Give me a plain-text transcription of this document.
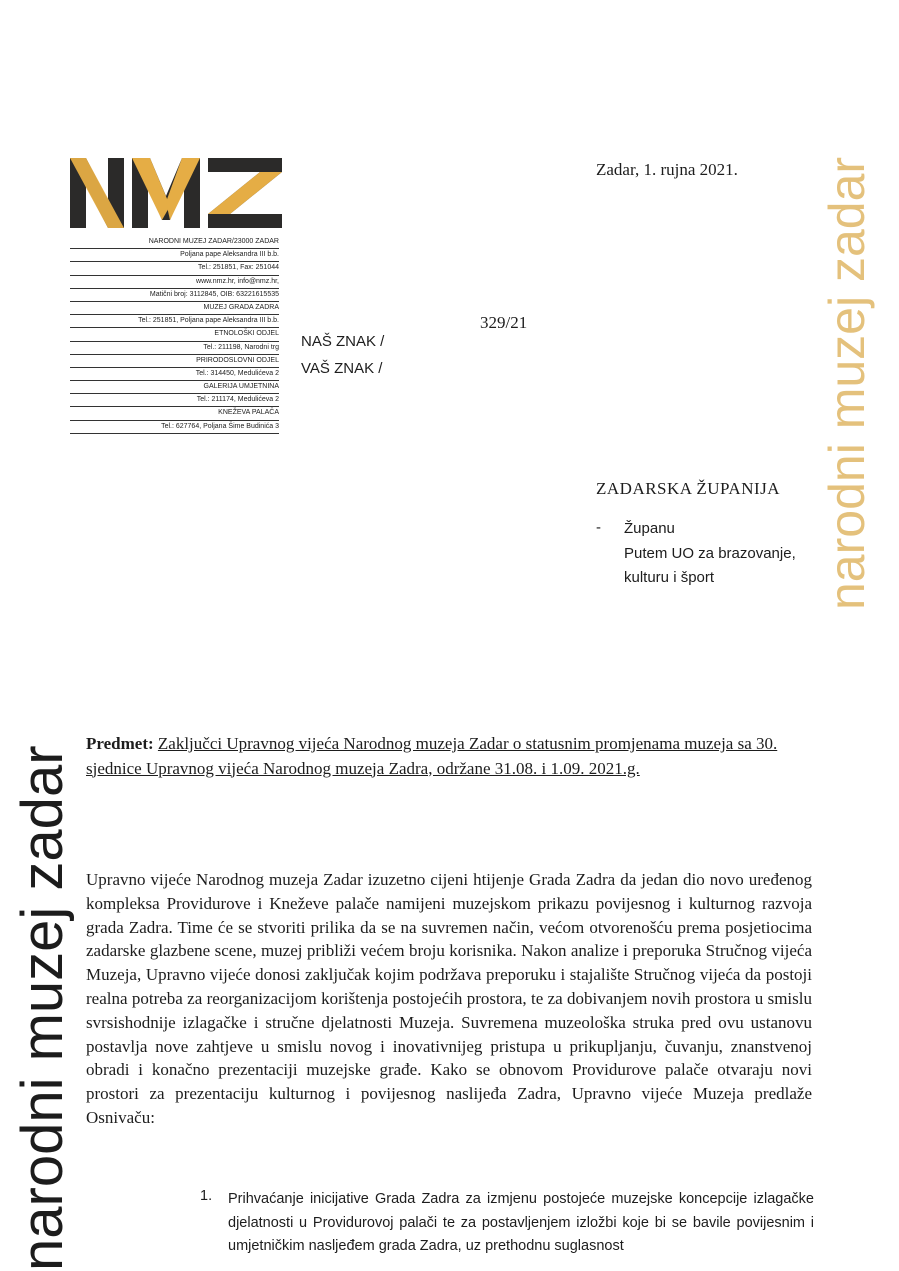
NARODNI MUZEJ ZADAR/23000 ZADAR
Poljana pape Aleksandra III b.b.
Tel.: 251851, Fax: 251044
www.nmz.hr, info@nmz.hr,
Matični broj: 3112845, OIB: 63221615535
MUZEJ GRADA ZADRA
Tel.: 251851, Poljana pape Aleksandra III b.b.
ETNOLOŠKI ODJEL
Tel.: 211198, Narodni trg
PRIRODOSLOVNI ODJEL
Tel.: 314450, Medulićeva 2
GALERIJA UMJETNINA
Tel.: 211174, Medulićeva 2
KNEŽEVA PALAČA
Tel.: 627764, Poljana Šime Budinića 3
Zadar, 1. rujna 2021.
329/21
NAŠ ZNAK /
VAŠ ZNAK /
ZADARSKA ŽUPANIJA
- Županu
Putem UO za brazovanje,
kulturu i šport narodni muzej zadar
narodni muzej zadar
Predmet: Zaključci Upravnog vijeća Narodnog muzeja Zadar o statusnim promjenama muzeja sa 30. sjednice Upravnog vijeća Narodnog muzeja Zadra, održane 31.08. i 1.09. 2021.g.
Upravno vijeće Narodnog muzeja Zadar izuzetno cijeni htijenje Grada Zadra da jedan dio novo uređenog kompleksa Providurove i Kneževe palače namijeni muzejskom prikazu povijesnog i kulturnog razvoja grada Zadra. Time će se stvoriti prilika da se na suvremen način, većom otvorenošću prema posjetiocima zadarske glazbene scene, muzej približi većem broju korisnika. Nakon analize i preporuka Stručnog vijeća Muzeja, Upravno vijeće donosi zaključak kojim podržava preporuku i stajalište Stručnog vijeća da postoji realna potreba za reorganizacijom korištenja postojećih prostora, te za dobivanjem novih prostora u smislu svrsishodnije izlagačke i stručne djelatnosti Muzeja. Suvremena muzeološka struka pred ovu ustanovu postavlja nove zahtjeve u smislu novog i inovativnijeg pristupa u prikupljanju, čuvanju, znanstvenoj obradi i konačno prezentaciji muzejske građe. Kako se obnovom Providurove palače otvaraju novi prostori za prezentaciju kulturnog i povijesnog naslijeđa Zadra, Upravno vijeće Muzeja predlaže Osnivaču:
1. Prihvaćanje inicijative Grada Zadra za izmjenu postojeće muzejske koncepcije izlagačke djelatnosti u Providurovoj palači te za postavljenjem izložbi koje bi se bavile povijesnim i umjetničkim nasljeđem grada Zadra, uz prethodnu suglasnost
